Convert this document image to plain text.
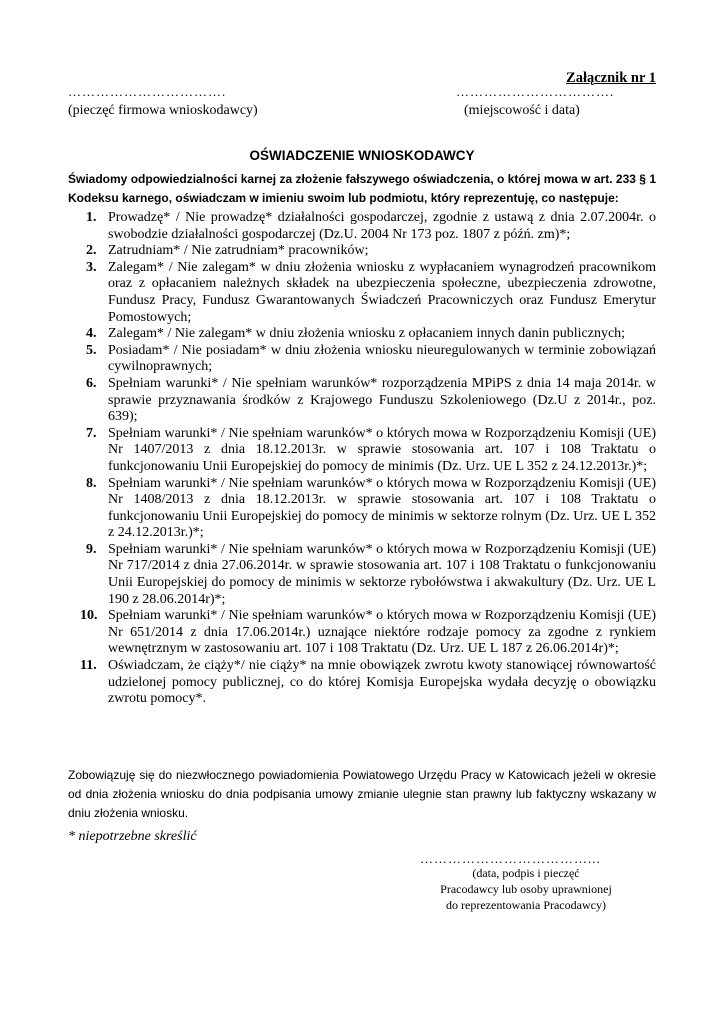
Załącznik nr 1
…………………………….	…………………………….
(pieczęć firmowa wnioskodawcy)	(miejscowość i data)
OŚWIADCZENIE WNIOSKODAWCY
Świadomy odpowiedzialności karnej za złożenie fałszywego oświadczenia, o której mowa w art. 233 § 1 Kodeksu karnego, oświadczam w imieniu swoim lub podmiotu, który reprezentuję, co następuje:
1. Prowadzę* / Nie prowadzę* działalności gospodarczej, zgodnie z ustawą z dnia 2.07.2004r. o swobodzie działalności gospodarczej (Dz.U. 2004 Nr 173 poz. 1807 z późń. zm)*;
2. Zatrudniam* / Nie zatrudniam* pracowników;
3. Zalegam* / Nie zalegam* w dniu złożenia wniosku z wypłacaniem wynagrodzeń pracownikom oraz z opłacaniem należnych składek na ubezpieczenia społeczne, ubezpieczenia zdrowotne, Fundusz Pracy, Fundusz Gwarantowanych Świadczeń Pracowniczych oraz Fundusz Emerytur Pomostowych;
4. Zalegam* / Nie zalegam* w dniu złożenia wniosku z opłacaniem innych danin publicznych;
5. Posiadam* / Nie posiadam* w dniu złożenia wniosku nieuregulowanych w terminie zobowiązań cywilnoprawnych;
6. Spełniam warunki* / Nie spełniam warunków* rozporządzenia MPiPS z dnia 14 maja 2014r. w sprawie przyznawania środków z Krajowego Funduszu Szkoleniowego (Dz.U z 2014r., poz. 639);
7. Spełniam warunki* / Nie spełniam warunków* o których mowa w Rozporządzeniu Komisji (UE) Nr 1407/2013 z dnia 18.12.2013r. w sprawie stosowania art. 107 i 108 Traktatu o funkcjonowaniu Unii Europejskiej do pomocy de minimis (Dz. Urz. UE L 352 z 24.12.2013r.)*;
8. Spełniam warunki* / Nie spełniam warunków* o których mowa w Rozporządzeniu Komisji (UE) Nr 1408/2013 z dnia 18.12.2013r. w sprawie stosowania art. 107 i 108 Traktatu o funkcjonowaniu Unii Europejskiej do pomocy de minimis w sektorze rolnym (Dz. Urz. UE L 352 z 24.12.2013r.)*;
9. Spełniam warunki* / Nie spełniam warunków* o których mowa w Rozporządzeniu Komisji (UE) Nr 717/2014 z dnia 27.06.2014r. w sprawie stosowania art. 107 i 108 Traktatu o funkcjonowaniu Unii Europejskiej do pomocy de minimis w sektorze rybołówstwa i akwakultury (Dz. Urz. UE L 190 z 28.06.2014r)*;
10. Spełniam warunki* / Nie spełniam warunków* o których mowa w Rozporządzeniu Komisji (UE) Nr 651/2014 z dnia 17.06.2014r.) uznające niektóre rodzaje pomocy za zgodne z rynkiem wewnętrznym w zastosowaniu art. 107 i 108 Traktatu (Dz. Urz. UE L 187 z 26.06.2014r)*;
11. Oświadczam, że ciąży*/ nie ciąży* na mnie obowiązek zwrotu kwoty stanowiącej równowartość udzielonej pomocy publicznej, co do której Komisja Europejska wydała decyzję o obowiązku zwrotu pomocy*.
Zobowiązuję się do niezwłocznego powiadomienia Powiatowego Urzędu Pracy w Katowicach jeżeli w okresie od dnia złożenia wniosku do dnia podpisania umowy zmianie ulegnie stan prawny lub faktyczny wskazany w dniu złożenia wniosku.
* niepotrzebne skreślić
………………………………...
(data, podpis i pieczęć
Pracodawcy lub osoby uprawnionej
do reprezentowania Pracodawcy)
